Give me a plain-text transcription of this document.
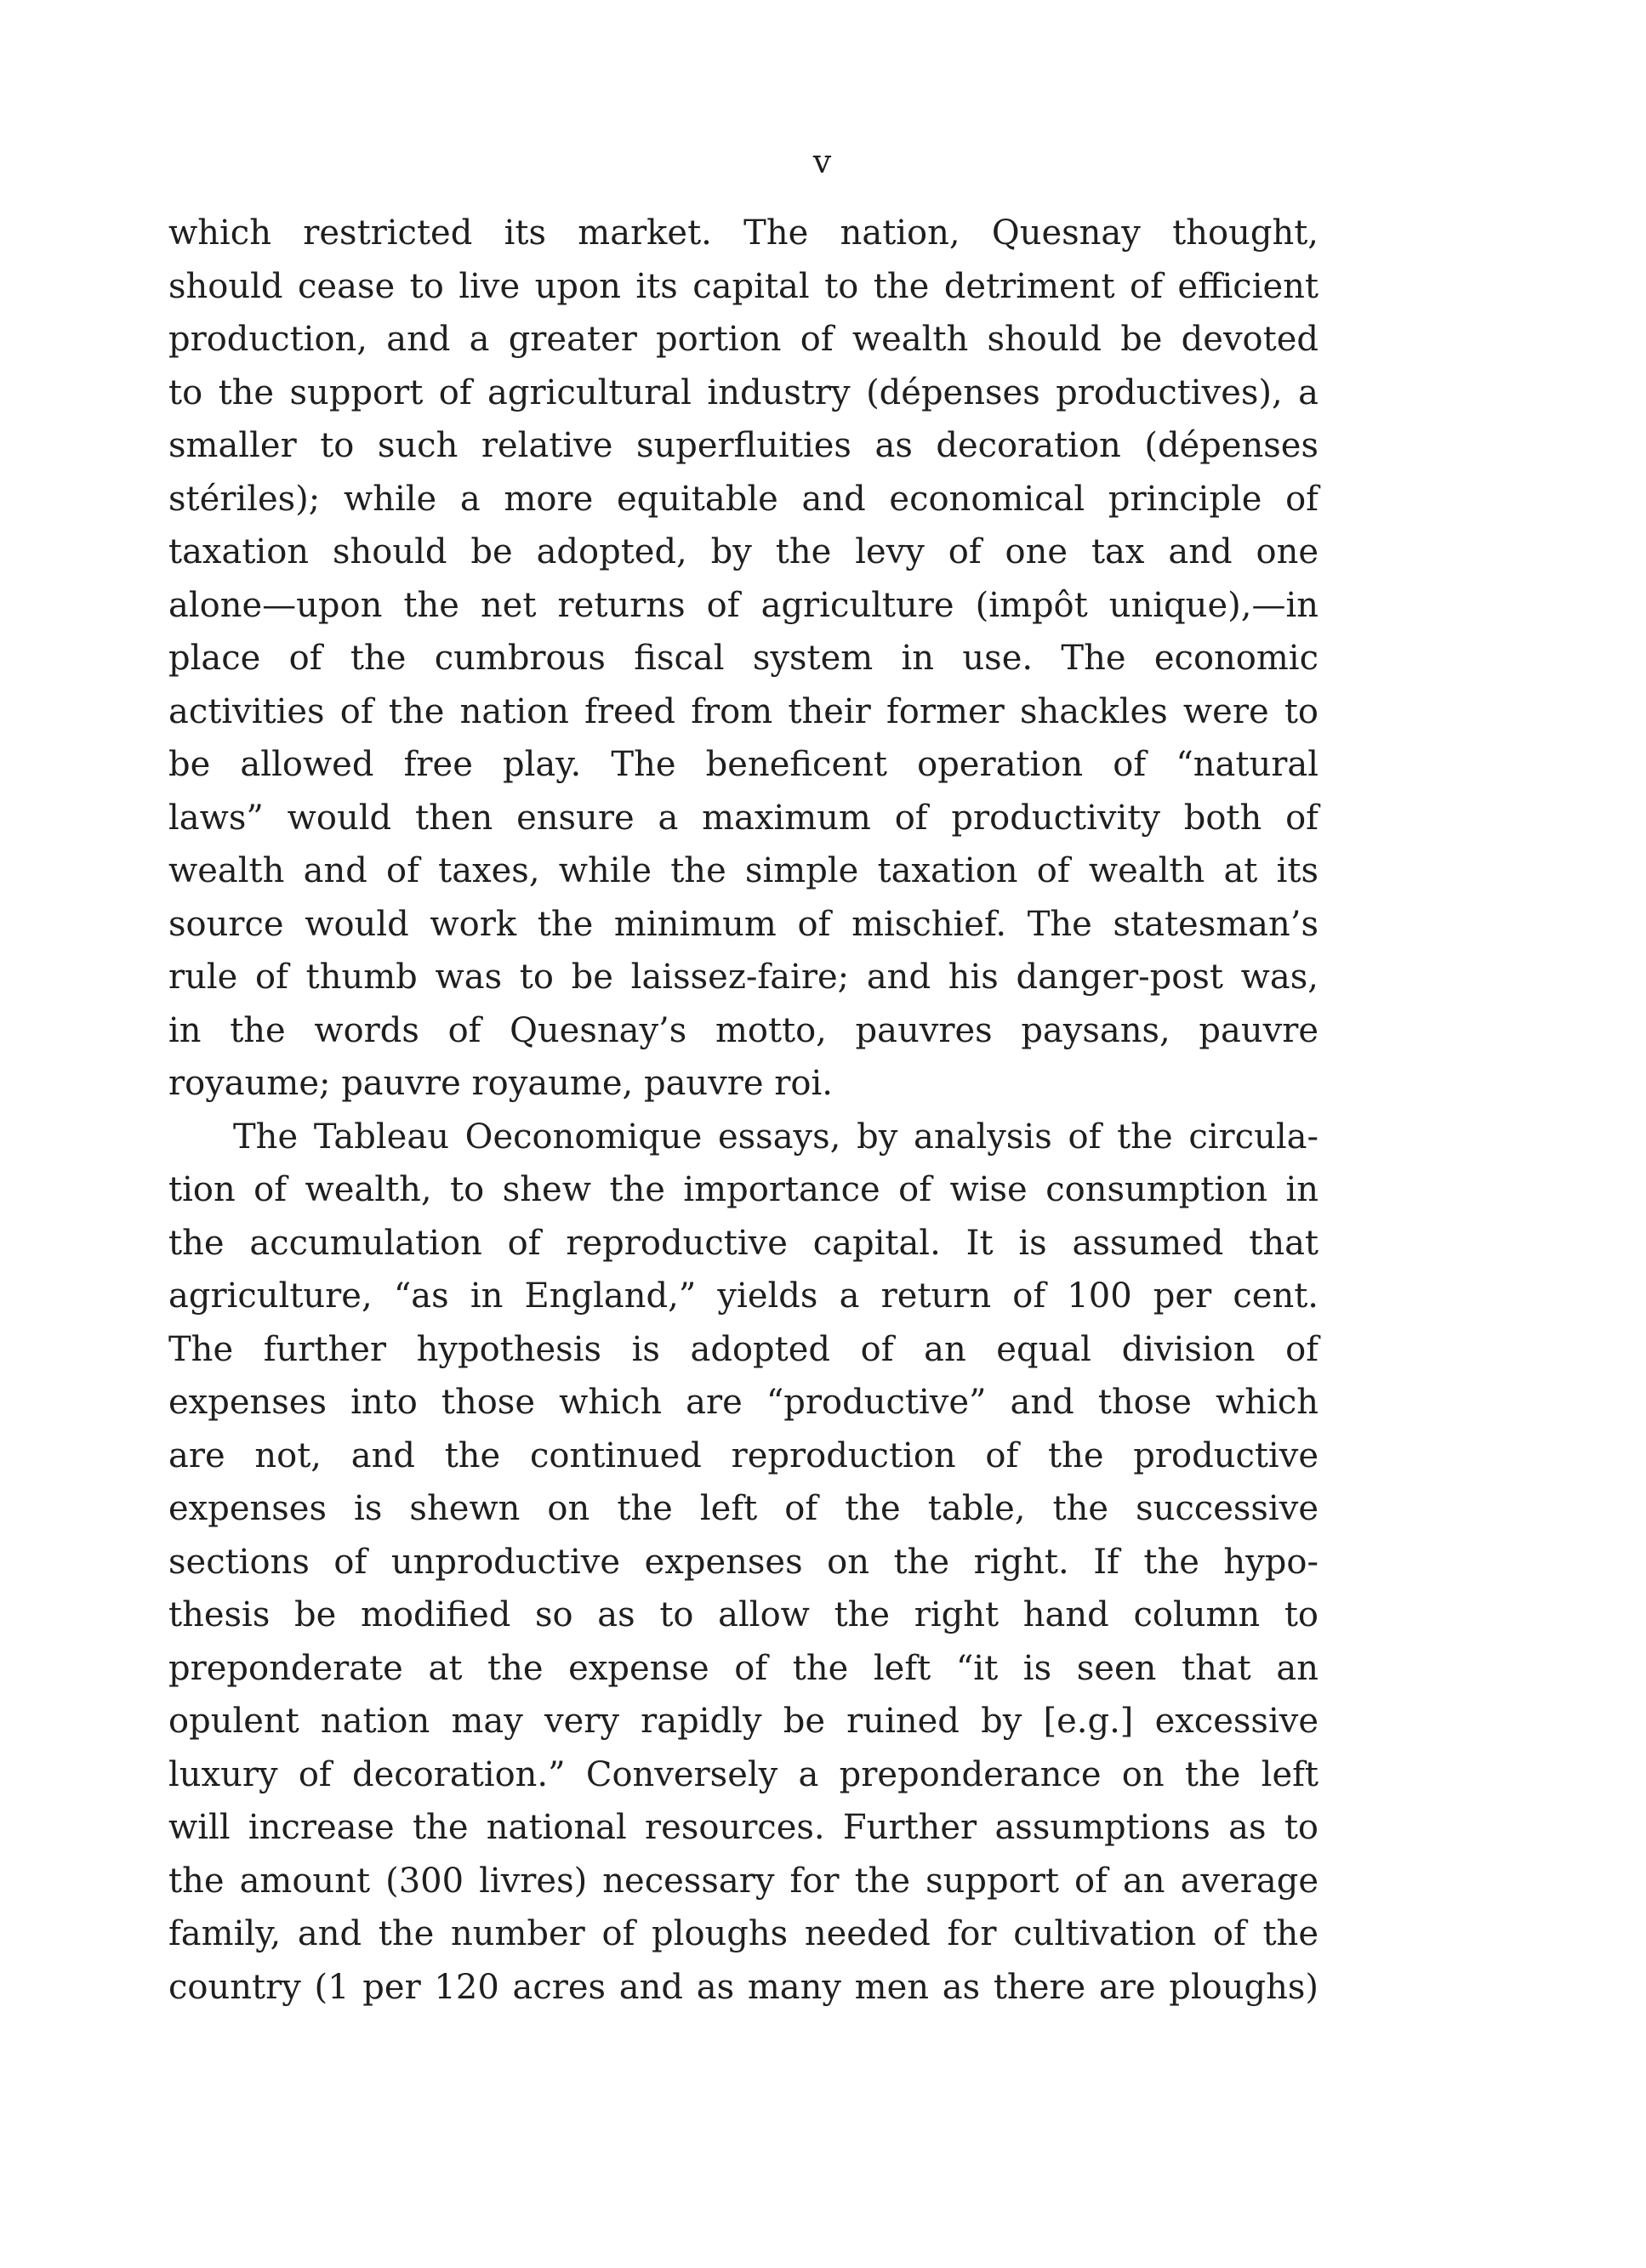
v
which restricted its market. The nation, Quesnay thought,
should cease to live upon its capital to the detriment of efficient
production, and a greater portion of wealth should be devoted
to the support of agricultural industry (dépenses productives), a
smaller to such relative superfluities as decoration (dépenses
stériles); while a more equitable and economical principle of
taxation should be adopted, by the levy of one tax and one
alone—upon the net returns of agriculture (impôt unique),—in
place of the cumbrous fiscal system in use. The economic
activities of the nation freed from their former shackles were to
be allowed free play. The beneficent operation of “natural
laws” would then ensure a maximum of productivity both of
wealth and of taxes, while the simple taxation of wealth at its
source would work the minimum of mischief. The statesman’s
rule of thumb was to be laissez-faire; and his danger-post was,
in the words of Quesnay’s motto, pauvres paysans, pauvre
royaume; pauvre royaume, pauvre roi.
The Tableau Oeconomique essays, by analysis of the circula-
tion of wealth, to shew the importance of wise consumption in
the accumulation of reproductive capital. It is assumed that
agriculture, “as in England,” yields a return of 100 per cent.
The further hypothesis is adopted of an equal division of
expenses into those which are “productive” and those which
are not, and the continued reproduction of the productive
expenses is shewn on the left of the table, the successive
sections of unproductive expenses on the right. If the hypo-
thesis be modified so as to allow the right hand column to
preponderate at the expense of the left “it is seen that an
opulent nation may very rapidly be ruined by [e.g.] excessive
luxury of decoration.” Conversely a preponderance on the left
will increase the national resources. Further assumptions as to
the amount (300 livres) necessary for the support of an average
family, and the number of ploughs needed for cultivation of the
country (1 per 120 acres and as many men as there are ploughs)
